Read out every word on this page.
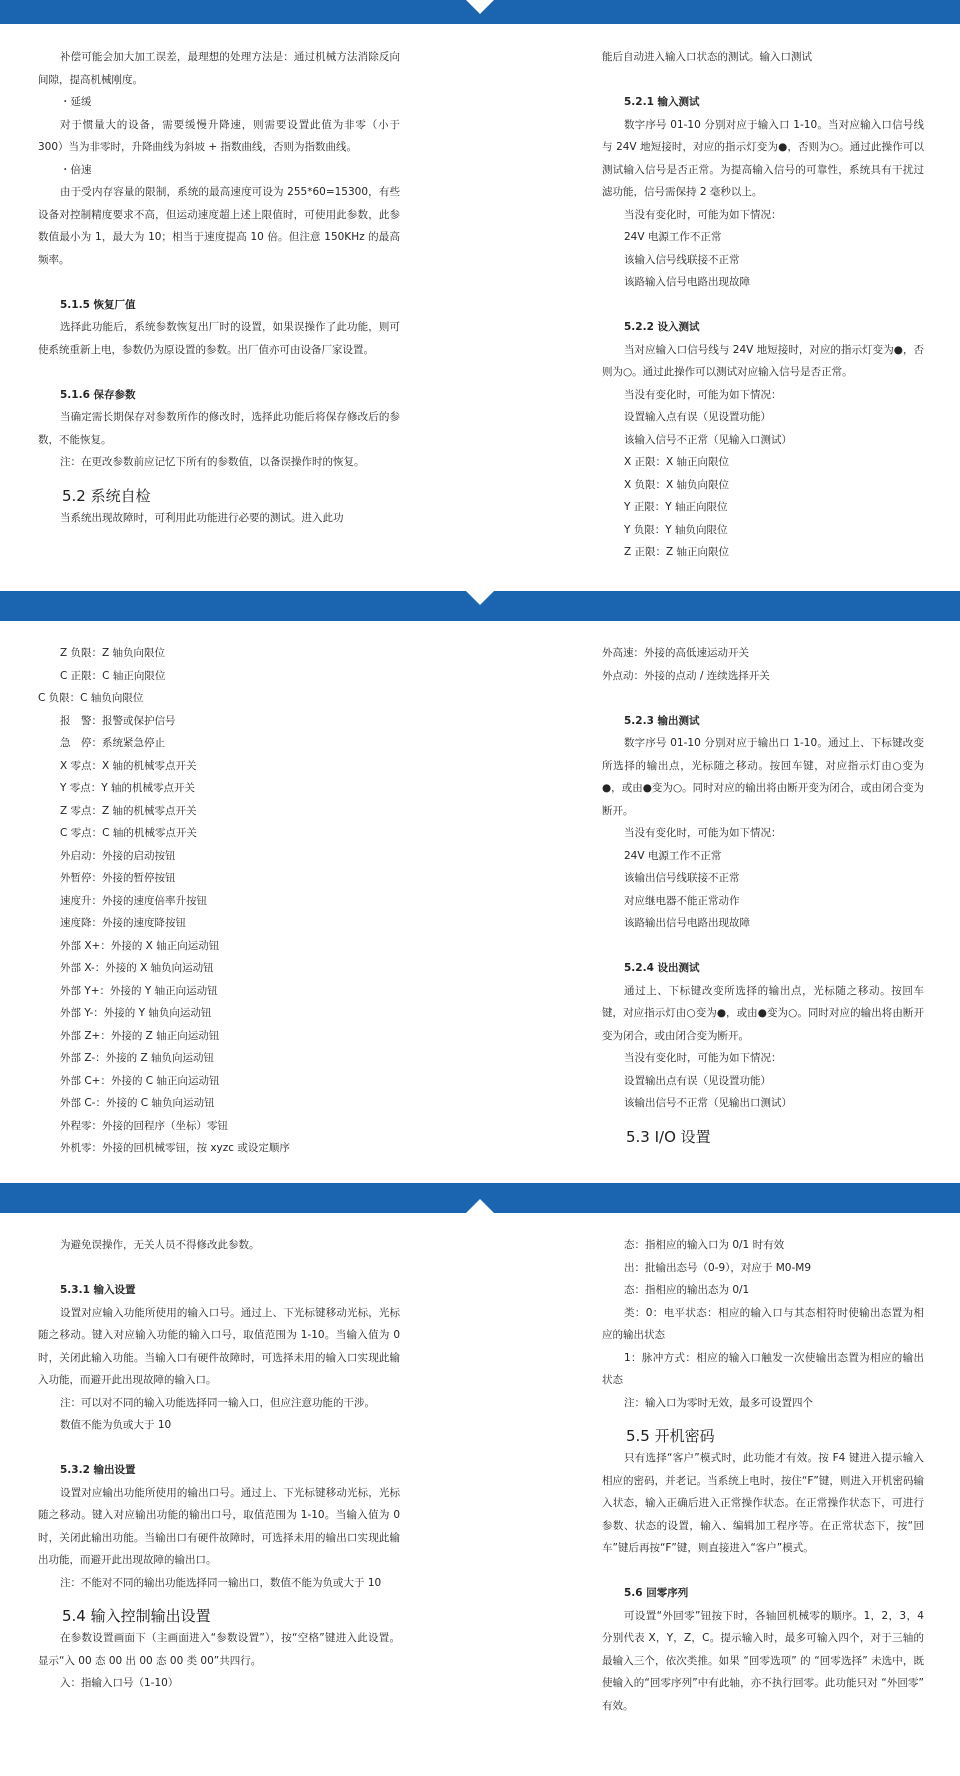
补偿可能会加大加工误差，最理想的处理方法是：通过机械方法消除反向间隙，提高机械刚度。
・延缓
对于惯量大的设备，需要缓慢升降速，则需要设置此值为非零（小于 300）当为非零时，升降曲线为斜坡 + 指数曲线，否则为指数曲线。
・倍速
由于受内存容量的限制，系统的最高速度可设为 255*60=15300，有些设备对控制精度要求不高，但运动速度超上述上限值时，可使用此参数，此参数值最小为 1，最大为 10；相当于速度提高 10 倍。但注意 150KHz 的最高频率。
5.1.5 恢复厂值
选择此功能后，系统参数恢复出厂时的设置，如果误操作了此功能，则可使系统重新上电，参数仍为原设置的参数。出厂值亦可由设备厂家设置。
5.1.6 保存参数
当确定需长期保存对参数所作的修改时，选择此功能后将保存修改后的参数，不能恢复。
注：在更改参数前应记忆下所有的参数值，以备误操作时的恢复。
5.2 系统自检
当系统出现故障时，可利用此功能进行必要的测试。进入此功
能后自动进入输入口状态的测试。输入口测试
5.2.1 输入测试
数字序号 01-10 分别对应于输入口 1-10。当对应输入口信号线与 24V 地短接时，对应的指示灯变为●，否则为○。通过此操作可以测试输入信号是否正常。为提高输入信号的可靠性，系统具有干扰过滤功能，信号需保持 2 毫秒以上。
当没有变化时，可能为如下情况：
24V 电源工作不正常
该输入信号线联接不正常
该路输入信号电路出现故障
5.2.2 设入测试
当对应输入口信号线与 24V 地短接时，对应的指示灯变为●，否则为○。通过此操作可以测试对应输入信号是否正常。
当没有变化时，可能为如下情况：
设置输入点有误（见设置功能）
该输入信号不正常（见输入口测试）
X 正限：X 轴正向限位
X 负限：X 轴负向限位
Y 正限：Y 轴正向限位
Y 负限：Y 轴负向限位
Z 正限：Z 轴正向限位
Z 负限：Z 轴负向限位
C 正限：C 轴正向限位
C 负限：C 轴负向限位
报　警：报警或保护信号
急　停：系统紧急停止
X 零点：X 轴的机械零点开关
Y 零点：Y 轴的机械零点开关
Z 零点：Z 轴的机械零点开关
C 零点：C 轴的机械零点开关
外启动：外接的启动按钮
外暂停：外接的暂停按钮
速度升：外接的速度倍率升按钮
速度降：外接的速度降按钮
外部 X+：外接的 X 轴正向运动钮
外部 X-：外接的 X 轴负向运动钮
外部 Y+：外接的 Y 轴正向运动钮
外部 Y-：外接的 Y 轴负向运动钮
外部 Z+：外接的 Z 轴正向运动钮
外部 Z-：外接的 Z 轴负向运动钮
外部 C+：外接的 C 轴正向运动钮
外部 C-：外接的 C 轴负向运动钮
外程零：外接的回程序（坐标）零钮
外机零：外接的回机械零钮，按 xyzc 或设定顺序
外高速：外接的高低速运动开关
外点动：外接的点动 / 连续选择开关
5.2.3 输出测试
数字序号 01-10 分别对应于输出口 1-10。通过上、下标键改变所选择的输出点，光标随之移动。按回车键，对应指示灯由○变为●，或由●变为○。同时对应的输出将由断开变为闭合，或由闭合变为断开。
当没有变化时，可能为如下情况：
24V 电源工作不正常
该输出信号线联接不正常
对应继电器不能正常动作
该路输出信号电路出现故障
5.2.4 设出测试
通过上、下标键改变所选择的输出点，光标随之移动。按回车键，对应指示灯由○变为●，或由●变为○。同时对应的输出将由断开变为闭合，或由闭合变为断开。
当没有变化时，可能为如下情况：
设置输出点有误（见设置功能）
该输出信号不正常（见输出口测试）
5.3 I/O 设置
为避免误操作，无关人员不得修改此参数。
5.3.1 输入设置
设置对应输入功能所使用的输入口号。通过上、下光标键移动光标，光标随之移动。键入对应输入功能的输入口号，取值范围为 1-10。当输入值为 0 时，关闭此输入功能。当输入口有硬件故障时，可选择未用的输入口实现此输入功能，而避开此出现故障的输入口。
注：可以对不同的输入功能选择同一输入口，但应注意功能的干涉。
数值不能为负或大于 10
5.3.2 输出设置
设置对应输出功能所使用的输出口号。通过上、下光标键移动光标，光标随之移动。键入对应输出功能的输出口号，取值范围为 1-10。当输入值为 0 时，关闭此输出功能。当输出口有硬件故障时，可选择未用的输出口实现此输出功能，而避开此出现故障的输出口。
注：不能对不同的输出功能选择同一输出口，数值不能为负或大于 10
5.4 输入控制输出设置
在参数设置画面下（主画面进入“参数设置”），按“空格”键进入此设置。显示“入 00 态 00 出 00 态 00 类 00”共四行。
入：指输入口号（1-10）
态：指相应的输入口为 0/1 时有效
出：批输出态号（0-9），对应于 M0-M9
态：指相应的输出态为 0/1
类：0：电平状态：相应的输入口与其态相符时使输出态置为相应的输出状态
1：脉冲方式：相应的输入口触发一次使输出态置为相应的输出状态
注：输入口为零时无效，最多可设置四个
5.5 开机密码
只有选择“客户”模式时，此功能才有效。按 F4 键进入提示输入相应的密码，并老记。当系统上电时，按住“F”键，则进入开机密码输入状态，输入正确后进入正常操作状态。在正常操作状态下，可进行参数、状态的设置，输入、编辑加工程序等。在正常状态下，按“回车”键后再按“F”键，则直接进入“客户”模式。
5.6 回零序列
可设置“外回零”钮按下时，各轴回机械零的顺序。1，2，3，4 分别代表 X，Y，Z，C。提示输入时，最多可输入四个，对于三轴的最输入三个，依次类推。如果 “回零选项” 的 “回零选择” 未选中，既使输入的“回零序列”中有此轴，亦不执行回零。此功能只对 “外回零” 有效。
